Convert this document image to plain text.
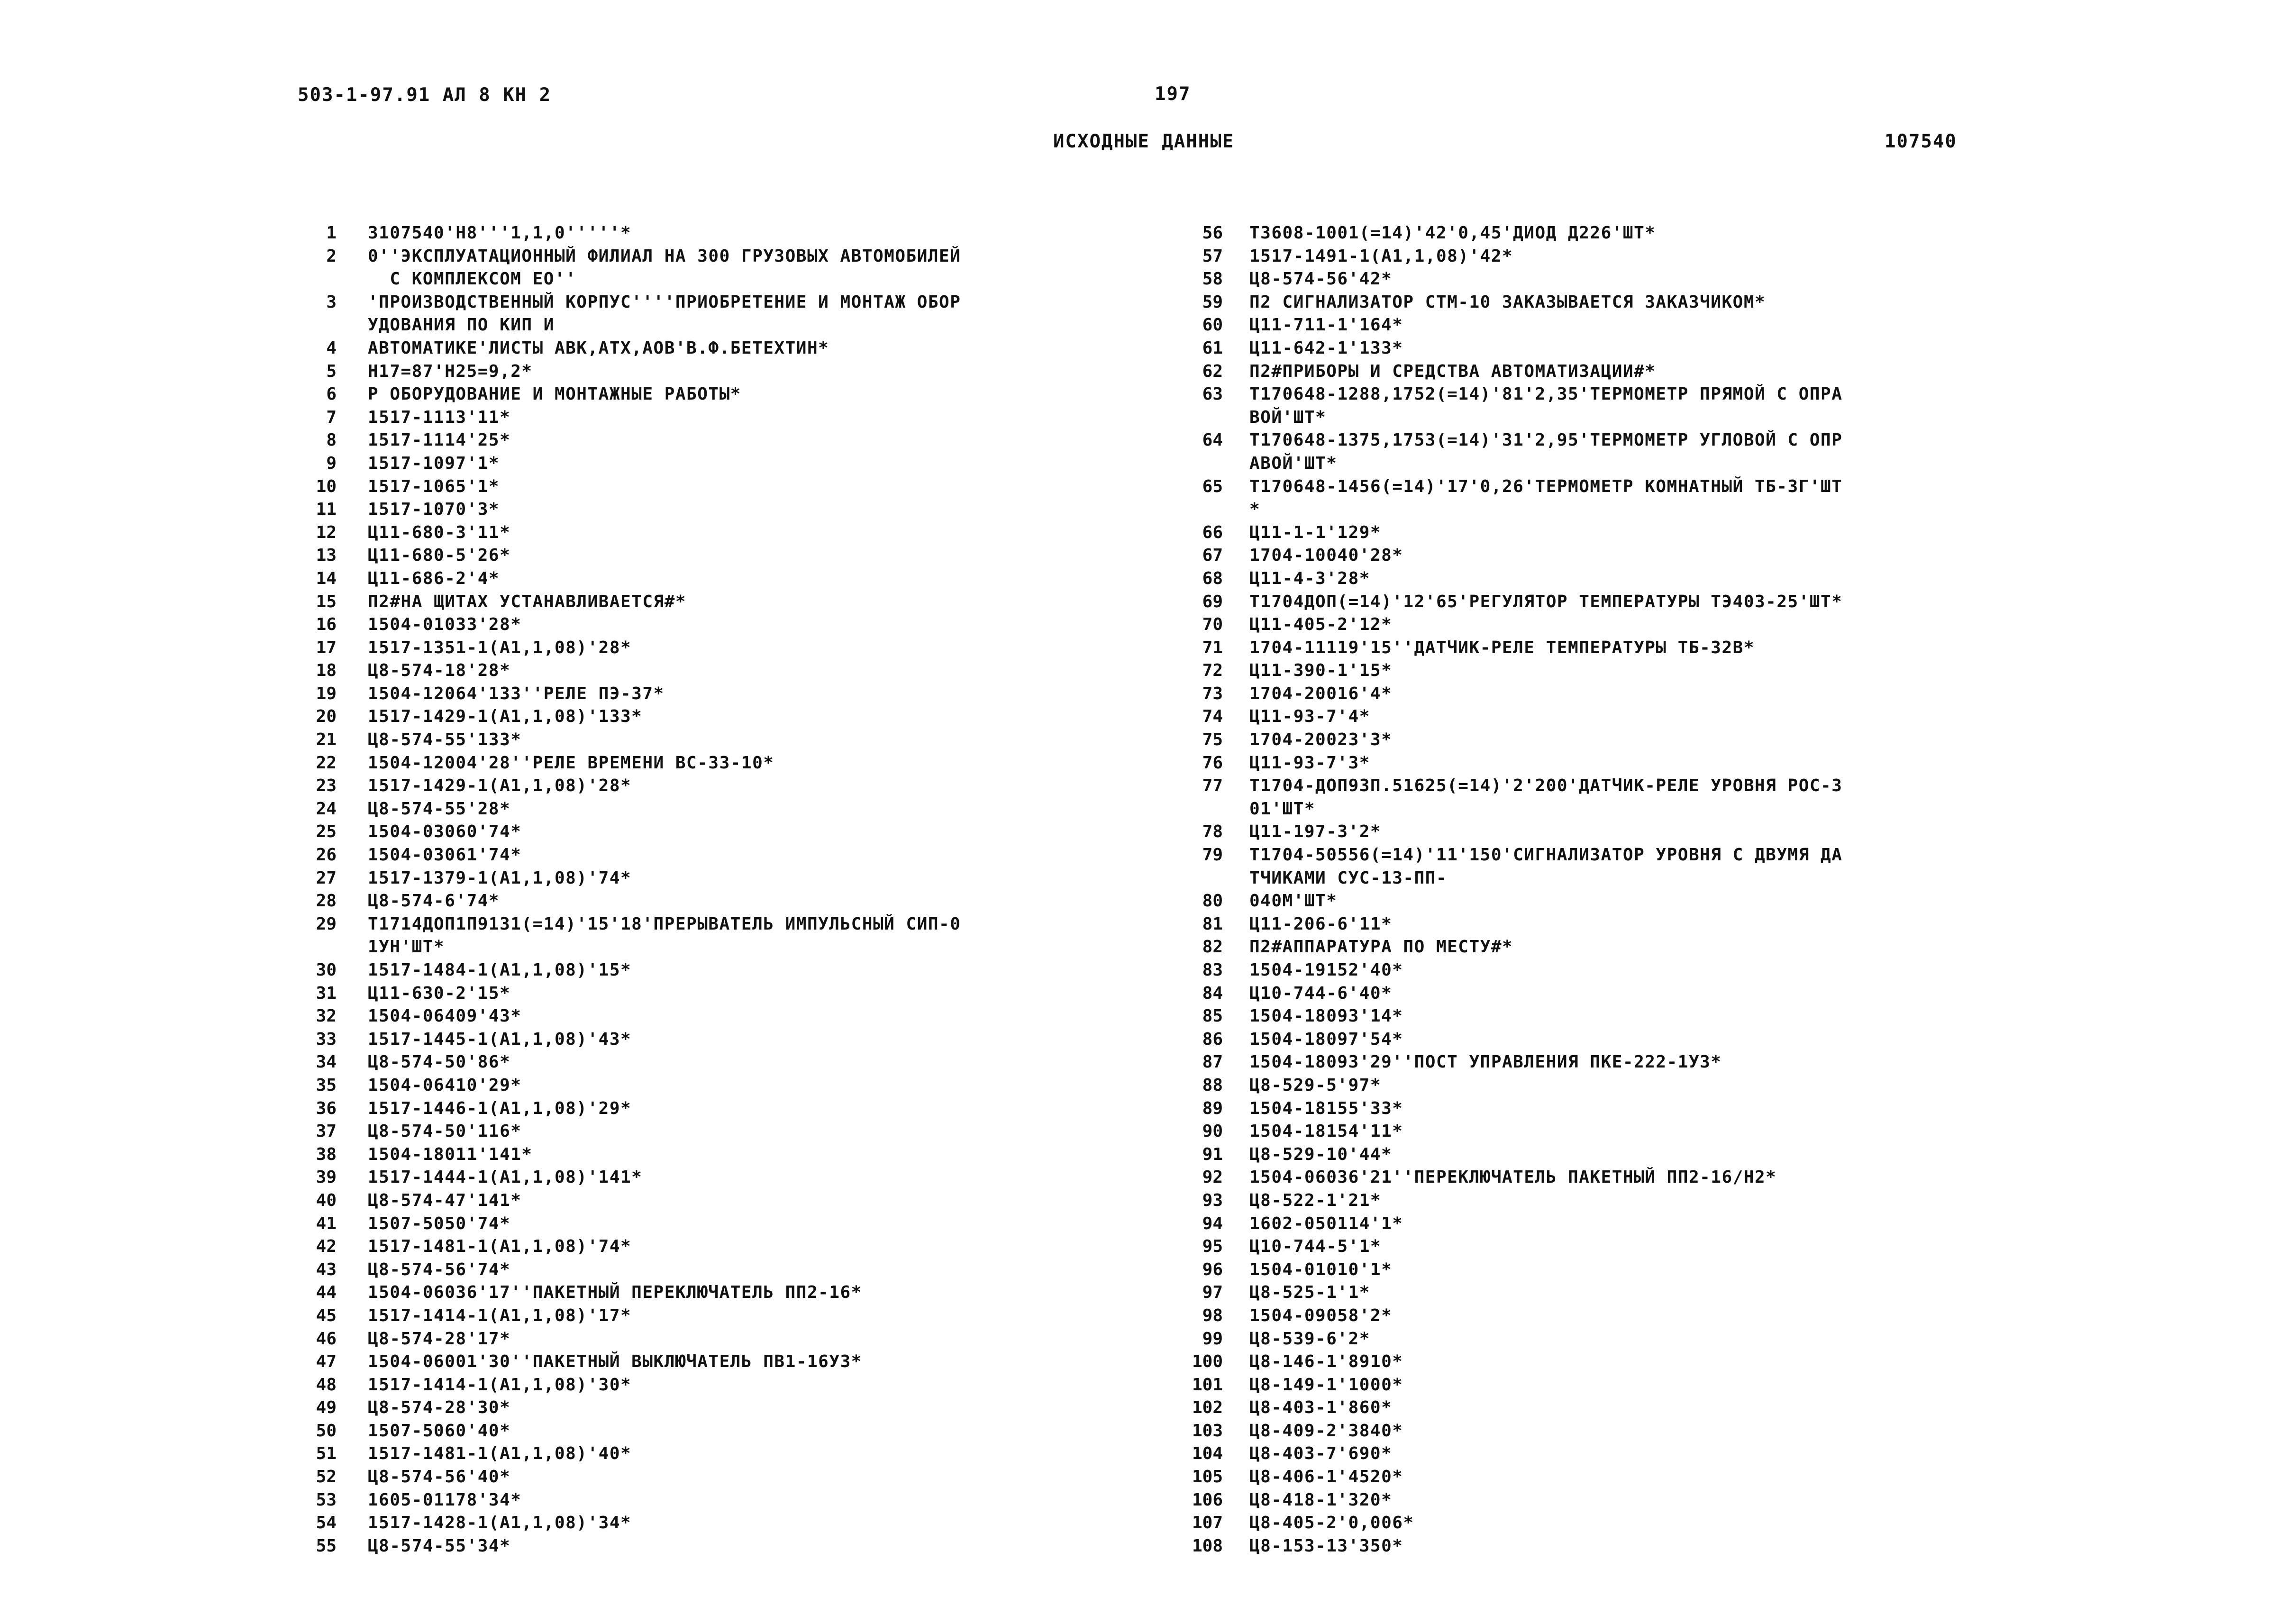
503-1-97.91 АЛ 8 КН 2	197
ИСХОДНЫЕ ДАННЫЕ	107540
1 3107540'Н8'''1,1,0'''''*
2 0''ЭКСПЛУАТАЦИОННЫЙ ФИЛИАЛ НА 300 ГРУЗОВЫХ АВТОМОБИЛЕЙ
С КОМПЛЕКСОМ ЕО''
3 'ПРОИЗВОДСТВЕННЫЙ КОРПУС''''ПРИОБРЕТЕНИЕ И МОНТАЖ ОБОР
УДОВАНИЯ ПО КИП И
4 АВТОМАТИКЕ'ЛИСТЫ АВК,АТХ,АОВ'В.Ф.БЕТЕХТИН*
5 Н17=87'Н25=9,2*
6 Р ОБОРУДОВАНИЕ И МОНТАЖНЫЕ РАБОТЫ*
7 1517-1113'11*
8 1517-1114'25*
9 1517-1097'1*
10 1517-1065'1*
11 1517-1070'3*
12 Ц11-680-3'11*
13 Ц11-680-5'26*
14 Ц11-686-2'4*
15 П2#НА ЩИТАХ УСТАНАВЛИВАЕТСЯ#*
16 1504-01033'28*
17 1517-1351-1(А1,1,08)'28*
18 Ц8-574-18'28*
19 1504-12064'133''РЕЛЕ ПЭ-37*
20 1517-1429-1(А1,1,08)'133*
21 Ц8-574-55'133*
22 1504-12004'28''РЕЛЕ ВРЕМЕНИ ВС-33-10*
23 1517-1429-1(А1,1,08)'28*
24 Ц8-574-55'28*
25 1504-03060'74*
26 1504-03061'74*
27 1517-1379-1(А1,1,08)'74*
28 Ц8-574-6'74*
29 Т1714ДОП1П9131(=14)'15'18'ПРЕРЫВАТЕЛЬ ИМПУЛЬСНЫЙ СИП-0
1УН'ШТ*
30 1517-1484-1(А1,1,08)'15*
31 Ц11-630-2'15*
32 1504-06409'43*
33 1517-1445-1(А1,1,08)'43*
34 Ц8-574-50'86*
35 1504-06410'29*
36 1517-1446-1(А1,1,08)'29*
37 Ц8-574-50'116*
38 1504-18011'141*
39 1517-1444-1(А1,1,08)'141*
40 Ц8-574-47'141*
41 1507-5050'74*
42 1517-1481-1(А1,1,08)'74*
43 Ц8-574-56'74*
44 1504-06036'17''ПАКЕТНЫЙ ПЕРЕКЛЮЧАТЕЛЬ ПП2-16*
45 1517-1414-1(А1,1,08)'17*
46 Ц8-574-28'17*
47 1504-06001'30''ПАКЕТНЫЙ ВЫКЛЮЧАТЕЛЬ ПВ1-16У3*
48 1517-1414-1(А1,1,08)'30*
49 Ц8-574-28'30*
50 1507-5060'40*
51 1517-1481-1(А1,1,08)'40*
52 Ц8-574-56'40*
53 1605-01178'34*
54 1517-1428-1(А1,1,08)'34*
55 Ц8-574-55'34*
56 Т3608-1001(=14)'42'0,45'ДИОД Д226'ШТ*
57 1517-1491-1(А1,1,08)'42*
58 Ц8-574-56'42*
59 П2 СИГНАЛИЗАТОР СТМ-10 ЗАКАЗЫВАЕТСЯ ЗАКАЗЧИКОМ*
60 Ц11-711-1'164*
61 Ц11-642-1'133*
62 П2#ПРИБОРЫ И СРЕДСТВА АВТОМАТИЗАЦИИ#*
63 Т170648-1288,1752(=14)'81'2,35'ТЕРМОМЕТР ПРЯМОЙ С ОПРА
ВОЙ'ШТ*
64 Т170648-1375,1753(=14)'31'2,95'ТЕРМОМЕТР УГЛОВОЙ С ОПР
АВОЙ'ШТ*
65 Т170648-1456(=14)'17'0,26'ТЕРМОМЕТР КОМНАТНЫЙ ТБ-3Г'ШТ
*
66 Ц11-1-1'129*
67 1704-10040'28*
68 Ц11-4-3'28*
69 Т1704ДОП(=14)'12'65'РЕГУЛЯТОР ТЕМПЕРАТУРЫ ТЭ403-25'ШТ*
70 Ц11-405-2'12*
71 1704-11119'15''ДАТЧИК-РЕЛЕ ТЕМПЕРАТУРЫ ТБ-32В*
72 Ц11-390-1'15*
73 1704-20016'4*
74 Ц11-93-7'4*
75 1704-20023'3*
76 Ц11-93-7'3*
77 Т1704-ДОП93П.51625(=14)'2'200'ДАТЧИК-РЕЛЕ УРОВНЯ РОС-3
01'ШТ*
78 Ц11-197-3'2*
79 Т1704-50556(=14)'11'150'СИГНАЛИЗАТОР УРОВНЯ С ДВУМЯ ДА
ТЧИКАМИ СУС-13-ПП-
80 040М'ШТ*
81 Ц11-206-6'11*
82 П2#АППАРАТУРА ПО МЕСТУ#*
83 1504-19152'40*
84 Ц10-744-6'40*
85 1504-18093'14*
86 1504-18097'54*
87 1504-18093'29''ПОСТ УПРАВЛЕНИЯ ПКЕ-222-1У3*
88 Ц8-529-5'97*
89 1504-18155'33*
90 1504-18154'11*
91 Ц8-529-10'44*
92 1504-06036'21''ПЕРЕКЛЮЧАТЕЛЬ ПАКЕТНЫЙ ПП2-16/Н2*
93 Ц8-522-1'21*
94 1602-050114'1*
95 Ц10-744-5'1*
96 1504-01010'1*
97 Ц8-525-1'1*
98 1504-09058'2*
99 Ц8-539-6'2*
100 Ц8-146-1'8910*
101 Ц8-149-1'1000*
102 Ц8-403-1'860*
103 Ц8-409-2'3840*
104 Ц8-403-7'690*
105 Ц8-406-1'4520*
106 Ц8-418-1'320*
107 Ц8-405-2'0,006*
108 Ц8-153-13'350*
